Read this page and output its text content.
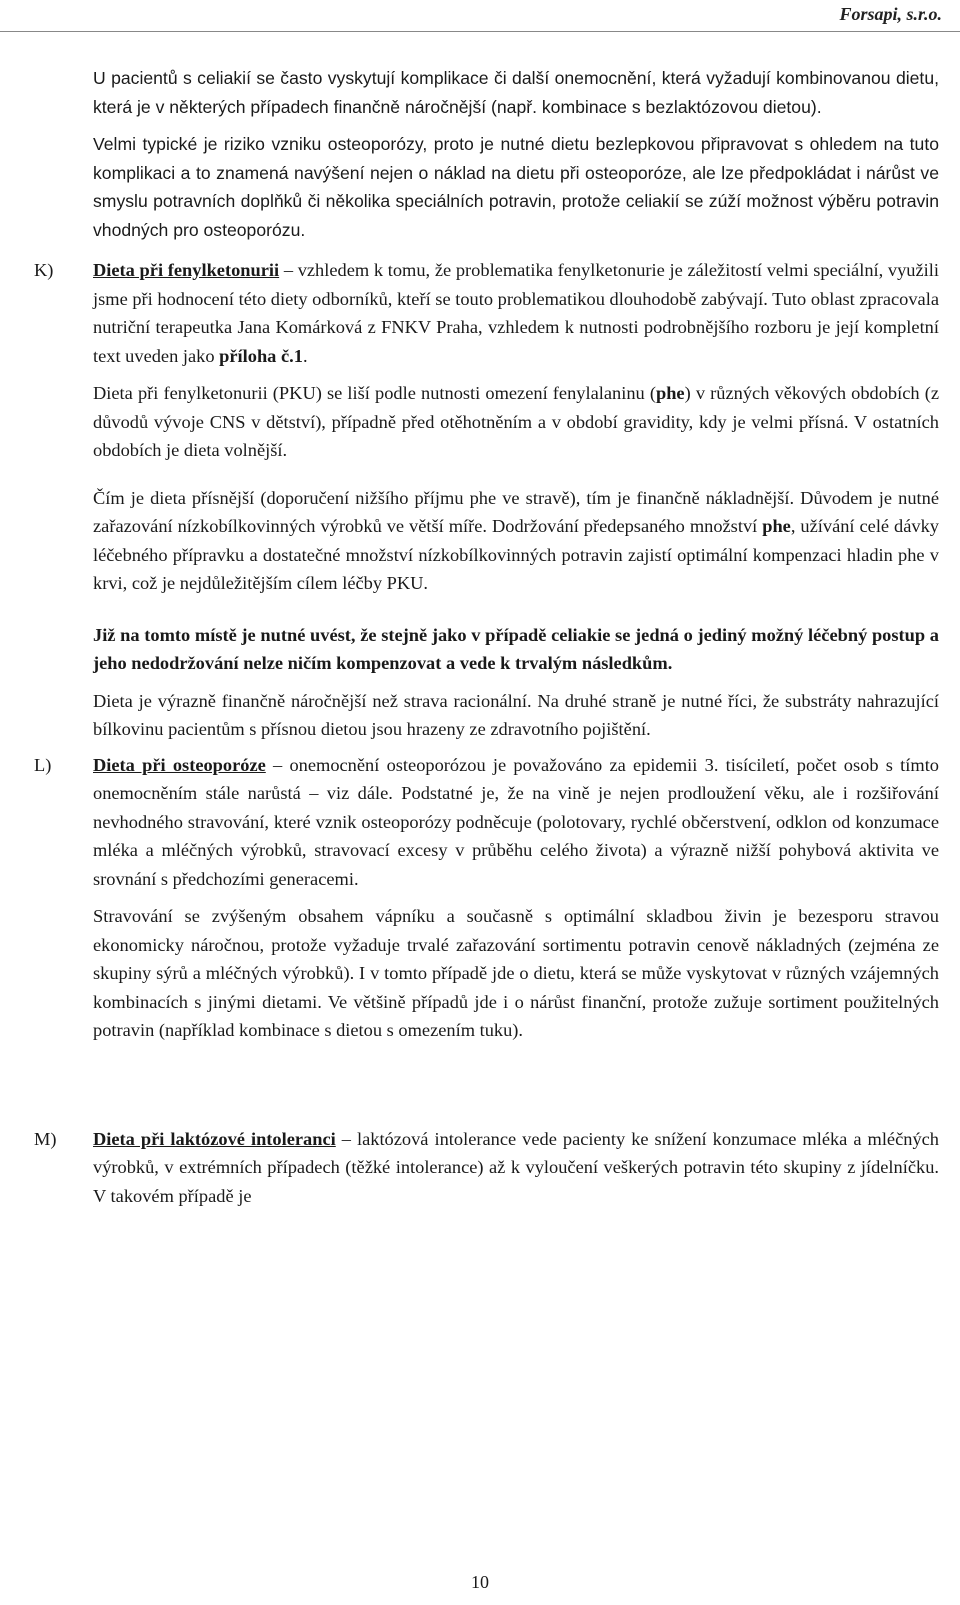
Forsapi, s.r.o.

U pacientů s celiakií se často vyskytují komplikace či další onemocnění, která vyžadují kombinovanou dietu, která je v některých případech finančně náročnější (např. kombinace s bezlaktózovou dietou).

Velmi typické je riziko vzniku osteoporózy, proto je nutné dietu bezlepkovou připravovat s ohledem na tuto komplikaci a to znamená navýšení nejen o náklad na dietu při osteoporóze, ale lze předpokládat i nárůst ve smyslu potravních doplňků či několika speciálních potravin, protože celiakií se zúží možnost výběru potravin vhodných pro osteoporózu.

K) Dieta při fenylketonurii – vzhledem k tomu, že problematika fenylketonurie je záležitostí velmi speciální, využili jsme při hodnocení této diety odborníků, kteří se touto problematikou dlouhodobě zabývají. Tuto oblast zpracovala nutriční terapeutka Jana Komárková z FNKV Praha, vzhledem k nutnosti podrobnějšího rozboru je její kompletní text uveden jako příloha č.1.

Dieta při fenylketonurii (PKU) se liší podle nutnosti omezení fenylalaninu (phe) v různých věkových obdobích (z důvodů vývoje CNS v dětství), případně před otěhotněním a v období gravidity, kdy je velmi přísná. V ostatních obdobích je dieta volnější.

Čím je dieta přísnější (doporučení nižšího příjmu phe ve stravě), tím je finančně nákladnější. Důvodem je nutné zařazování nízkobílkovinných výrobků ve větší míře. Dodržování předepsaného množství phe, užívání celé dávky léčebného přípravku a dostatečné množství nízkobílkovinných potravin zajistí optimální kompenzaci hladin phe v krvi, což je nejdůležitějším cílem léčby PKU.

Již na tomto místě je nutné uvést, že stejně jako v případě celiakie se jedná o jediný možný léčebný postup a jeho nedodržování nelze ničím kompenzovat a vede k trvalým následkům.

Dieta je výrazně finančně náročnější než strava racionální. Na druhé straně je nutné říci, že substráty nahrazující bílkovinu pacientům s přísnou dietou jsou hrazeny ze zdravotního pojištění.

L) Dieta při osteoporóze – onemocnění osteoporózou je považováno za epidemii 3. tisíciletí, počet osob s tímto onemocněním stále narůstá – viz dále. Podstatné je, že na vině je nejen prodloužení věku, ale i rozšiřování nevhodného stravování, které vznik osteoporózy podněcuje (polotovary, rychlé občerstvení, odklon od konzumace mléka a mléčných výrobků, stravovací excesy v průběhu celého života) a výrazně nižší pohybová aktivita ve srovnání s předchozími generacemi.

Stravování se zvýšeným obsahem vápníku a současně s optimální skladbou živin je bezesporu stravou ekonomicky náročnou, protože vyžaduje trvalé zařazování sortimentu potravin cenově nákladných (zejména ze skupiny sýrů a mléčných výrobků). I v tomto případě jde o dietu, která se může vyskytovat v různých vzájemných kombinacích s jinými dietami. Ve většině případů jde i o nárůst finanční, protože zužuje sortiment použitelných potravin (například kombinace s dietou s omezením tuku).

M) Dieta při laktózové intoleranci – laktózová intolerance vede pacienty ke snížení konzumace mléka a mléčných výrobků, v extrémních případech (těžké intolerance) až k vyloučení veškerých potravin této skupiny z jídelníčku. V takovém případě je

10
